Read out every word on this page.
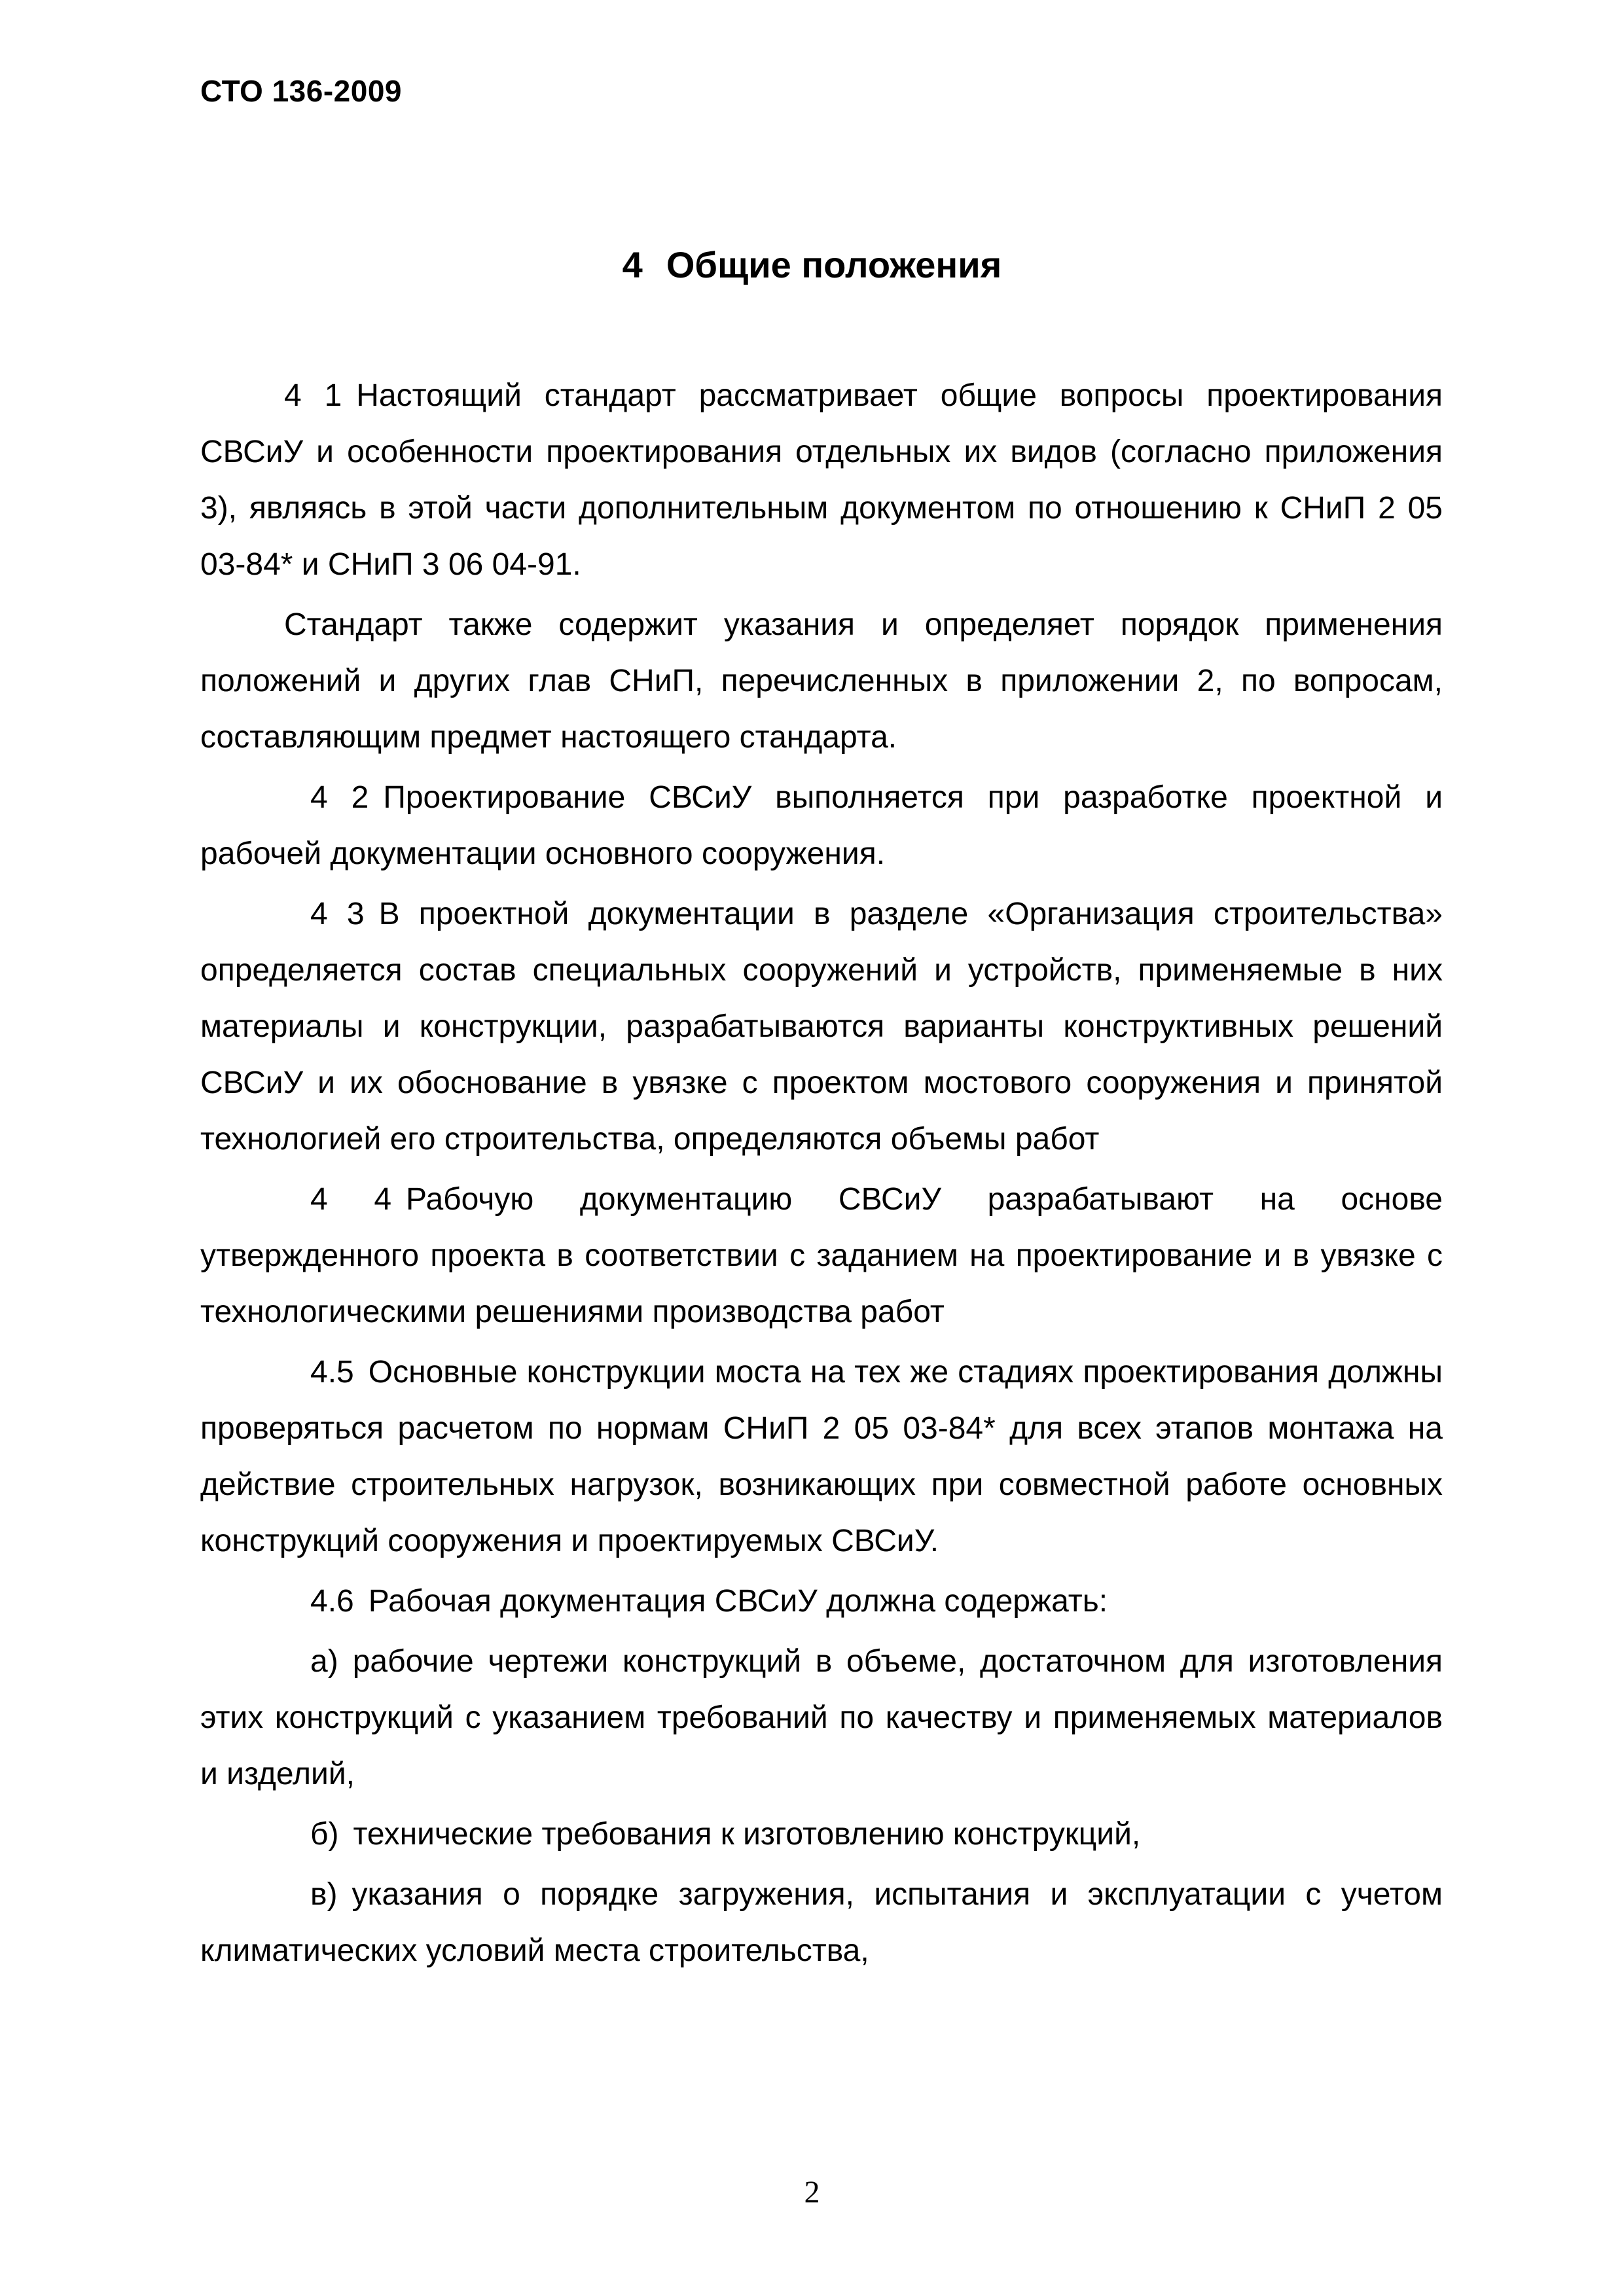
СТО 136-2009
4 Общие положения

4 1 Настоящий стандарт рассматривает общие вопросы проектирования СВСиУ и особенности проектирования отдельных их видов (согласно приложения 3), являясь в этой части дополнительным документом по отношению к СНиП 2 05 03-84* и СНиП 3 06 04-91.

Стандарт также содержит указания и определяет порядок применения положений и других глав СНиП, перечисленных в приложении 2, по вопросам, составляющим предмет настоящего стандарта.

4 2 Проектирование СВСиУ выполняется при разработке проектной и рабочей документации основного сооружения.

4 3 В проектной документации в разделе «Организация строительства» определяется состав специальных сооружений и устройств, применяемые в них материалы и конструкции, разрабатываются варианты конструктивных решений СВСиУ и их обоснование в увязке с проектом мостового сооружения и принятой технологией его строительства, определяются объемы работ

4 4 Рабочую документацию СВСиУ разрабатывают на основе утвержденного проекта в соответствии с заданием на проектирование и в увязке с технологическими решениями производства работ

4.5 Основные конструкции моста на тех же стадиях проектирования должны проверяться расчетом по нормам СНиП 2 05 03-84* для всех этапов монтажа на действие строительных нагрузок, возникающих при совместной работе основных конструкций сооружения и проектируемых СВСиУ.

4.6 Рабочая документация СВСиУ должна содержать:

а) рабочие чертежи конструкций в объеме, достаточном для изготовления этих конструкций с указанием требований по качеству и применяемых материалов и изделий,

б) технические требования к изготовлению конструкций,

в) указания о порядке загружения, испытания и эксплуатации с учетом климатических условий места строительства,

2
